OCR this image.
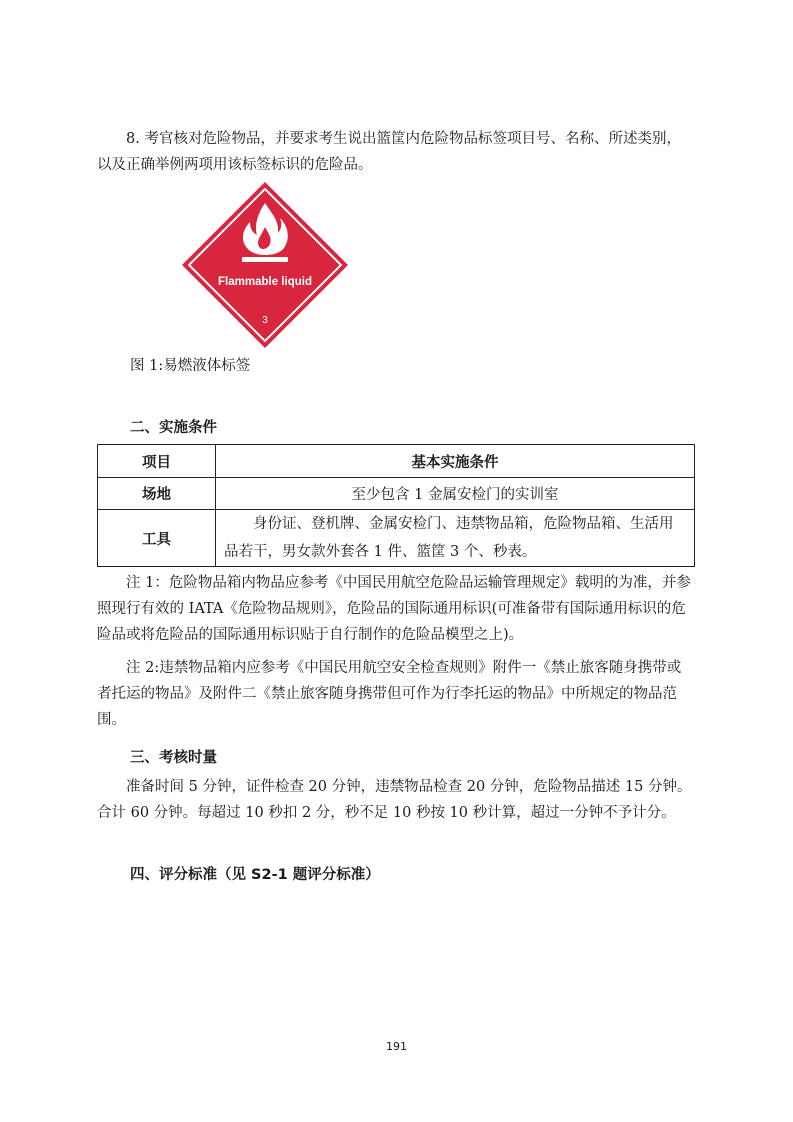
8. 考官核对危险物品，并要求考生说出篮筐内危险物品标签项目号、名称、所述类别，以及正确举例两项用该标签标识的危险品。
Flammable liquid
3
图 1:易燃液体标签
二、实施条件
项目	基本实施条件
场地	至少包含 1 金属安检门的实训室
工具	身份证、登机牌、金属安检门、违禁物品箱，危险物品箱、生活用品若干，男女款外套各 1 件、篮筐 3 个、秒表。
注 1：危险物品箱内物品应参考《中国民用航空危险品运输管理规定》载明的为准，并参照现行有效的 IATA《危险物品规则》，危险品的国际通用标识(可准备带有国际通用标识的危险品或将危险品的国际通用标识贴于自行制作的危险品模型之上)。
注 2:违禁物品箱内应参考《中国民用航空安全检查规则》附件一《禁止旅客随身携带或者托运的物品》及附件二《禁止旅客随身携带但可作为行李托运的物品》中所规定的物品范围。
三、考核时量
准备时间 5 分钟，证件检查 20 分钟，违禁物品检查 20 分钟，危险物品描述 15 分钟。合计 60 分钟。每超过 10 秒扣 2 分，秒不足 10 秒按 10 秒计算，超过一分钟不予计分。
四、评分标准（见 S2-1 题评分标准）
191
